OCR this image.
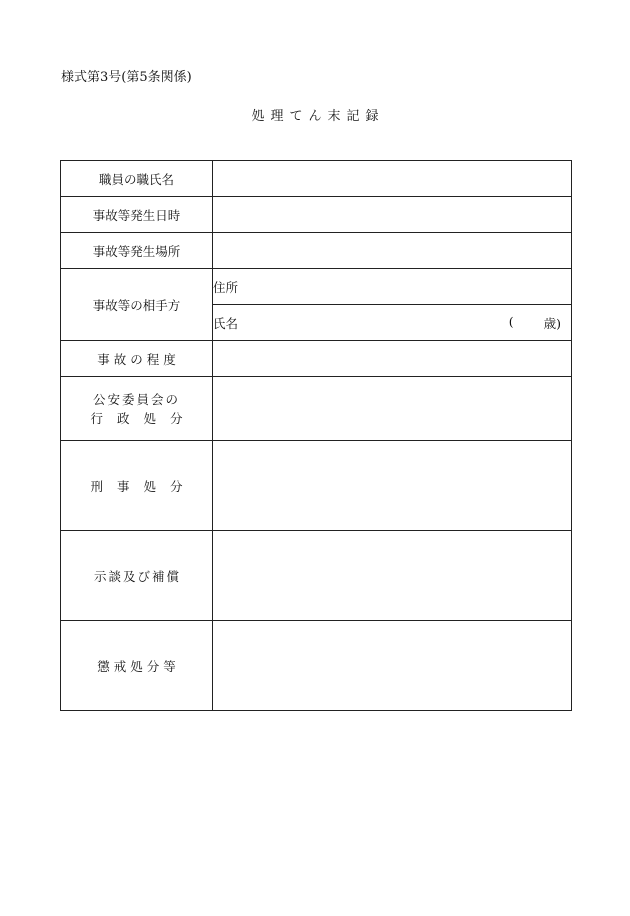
様式第3号(第5条関係)
処理てん末記録
職員の職氏名	
事故等発生日時	
事故等発生場所	
事故等の相手方	住所

	氏名 ( 歳)

事故の程度	

公安委員会の
行政処分	

刑事処分	
示談及び補償	
懲戒処分等	
